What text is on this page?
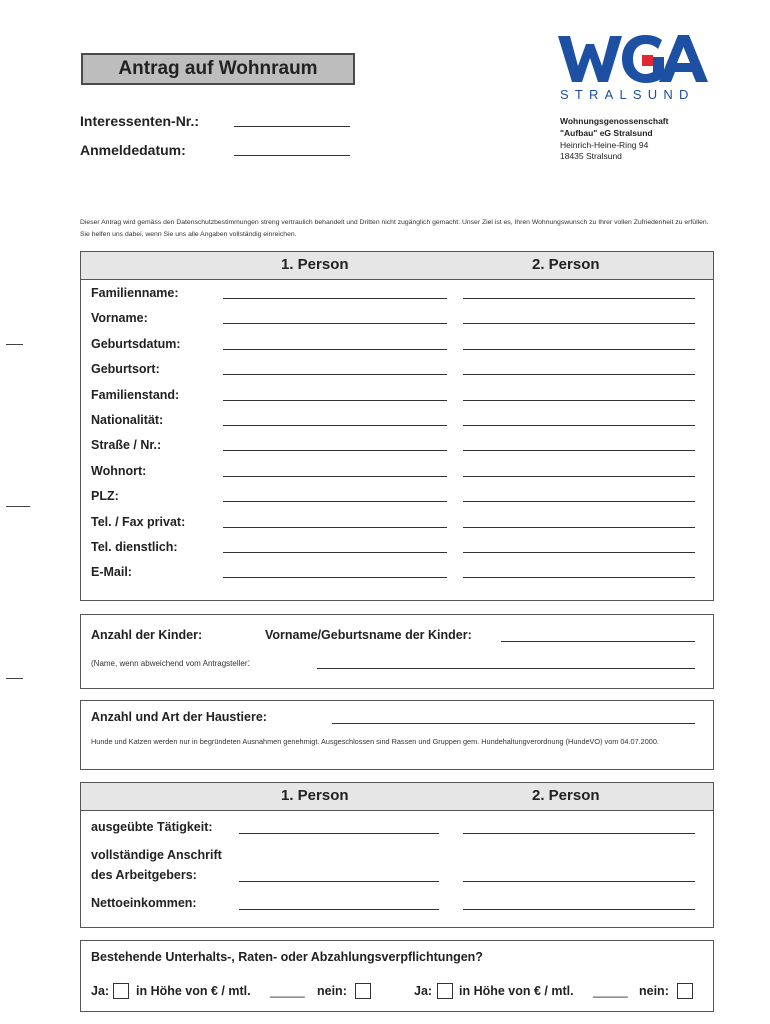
Antrag auf Wohnraum
Interessenten-Nr.:
Anmeldedatum:
STRALSUND
Wohnungsgenossenschaft
"Aufbau" eG Stralsund
Heinrich-Heine-Ring 94
18435 Stralsund
Dieser Antrag wird gemäss den Datenschutzbestimmungen streng vertraulich behandelt und Dritten nicht zugänglich gemacht. Unser Ziel ist es, Ihren Wohnungswunsch zu Ihrer vollen Zufriedenheit zu erfüllen. Sie helfen uns dabei, wenn Sie uns alle Angaben vollständig einreichen.
1. Person	2. Person
Familienname:
Vorname:
Geburtsdatum:
Geburtsort:
Familienstand:
Nationalität:
Straße / Nr.:
Wohnort:
PLZ:
Tel. / Fax privat:
Tel. dienstlich:
E-Mail:
Anzahl der Kinder:	Vorname/Geburtsname der Kinder:
(Name, wenn abweichend vom Antragsteller:
Anzahl und Art der Haustiere:
Hunde und Katzen werden nur in begründeten Ausnahmen genehmigt. Ausgeschlossen sind Rassen und Gruppen gem. Hundehaltungverordnung (HundeVO) vom 04.07.2000.
1. Person	2. Person
ausgeübte Tätigkeit:
vollständige Anschrift
des Arbeitgebers:
Nettoeinkommen:
Bestehende Unterhalts-, Raten- oder Abzahlungsverpflichtungen?
Ja: in Höhe von € / mtl. _____ nein:	Ja: in Höhe von € / mtl. _____ nein:
